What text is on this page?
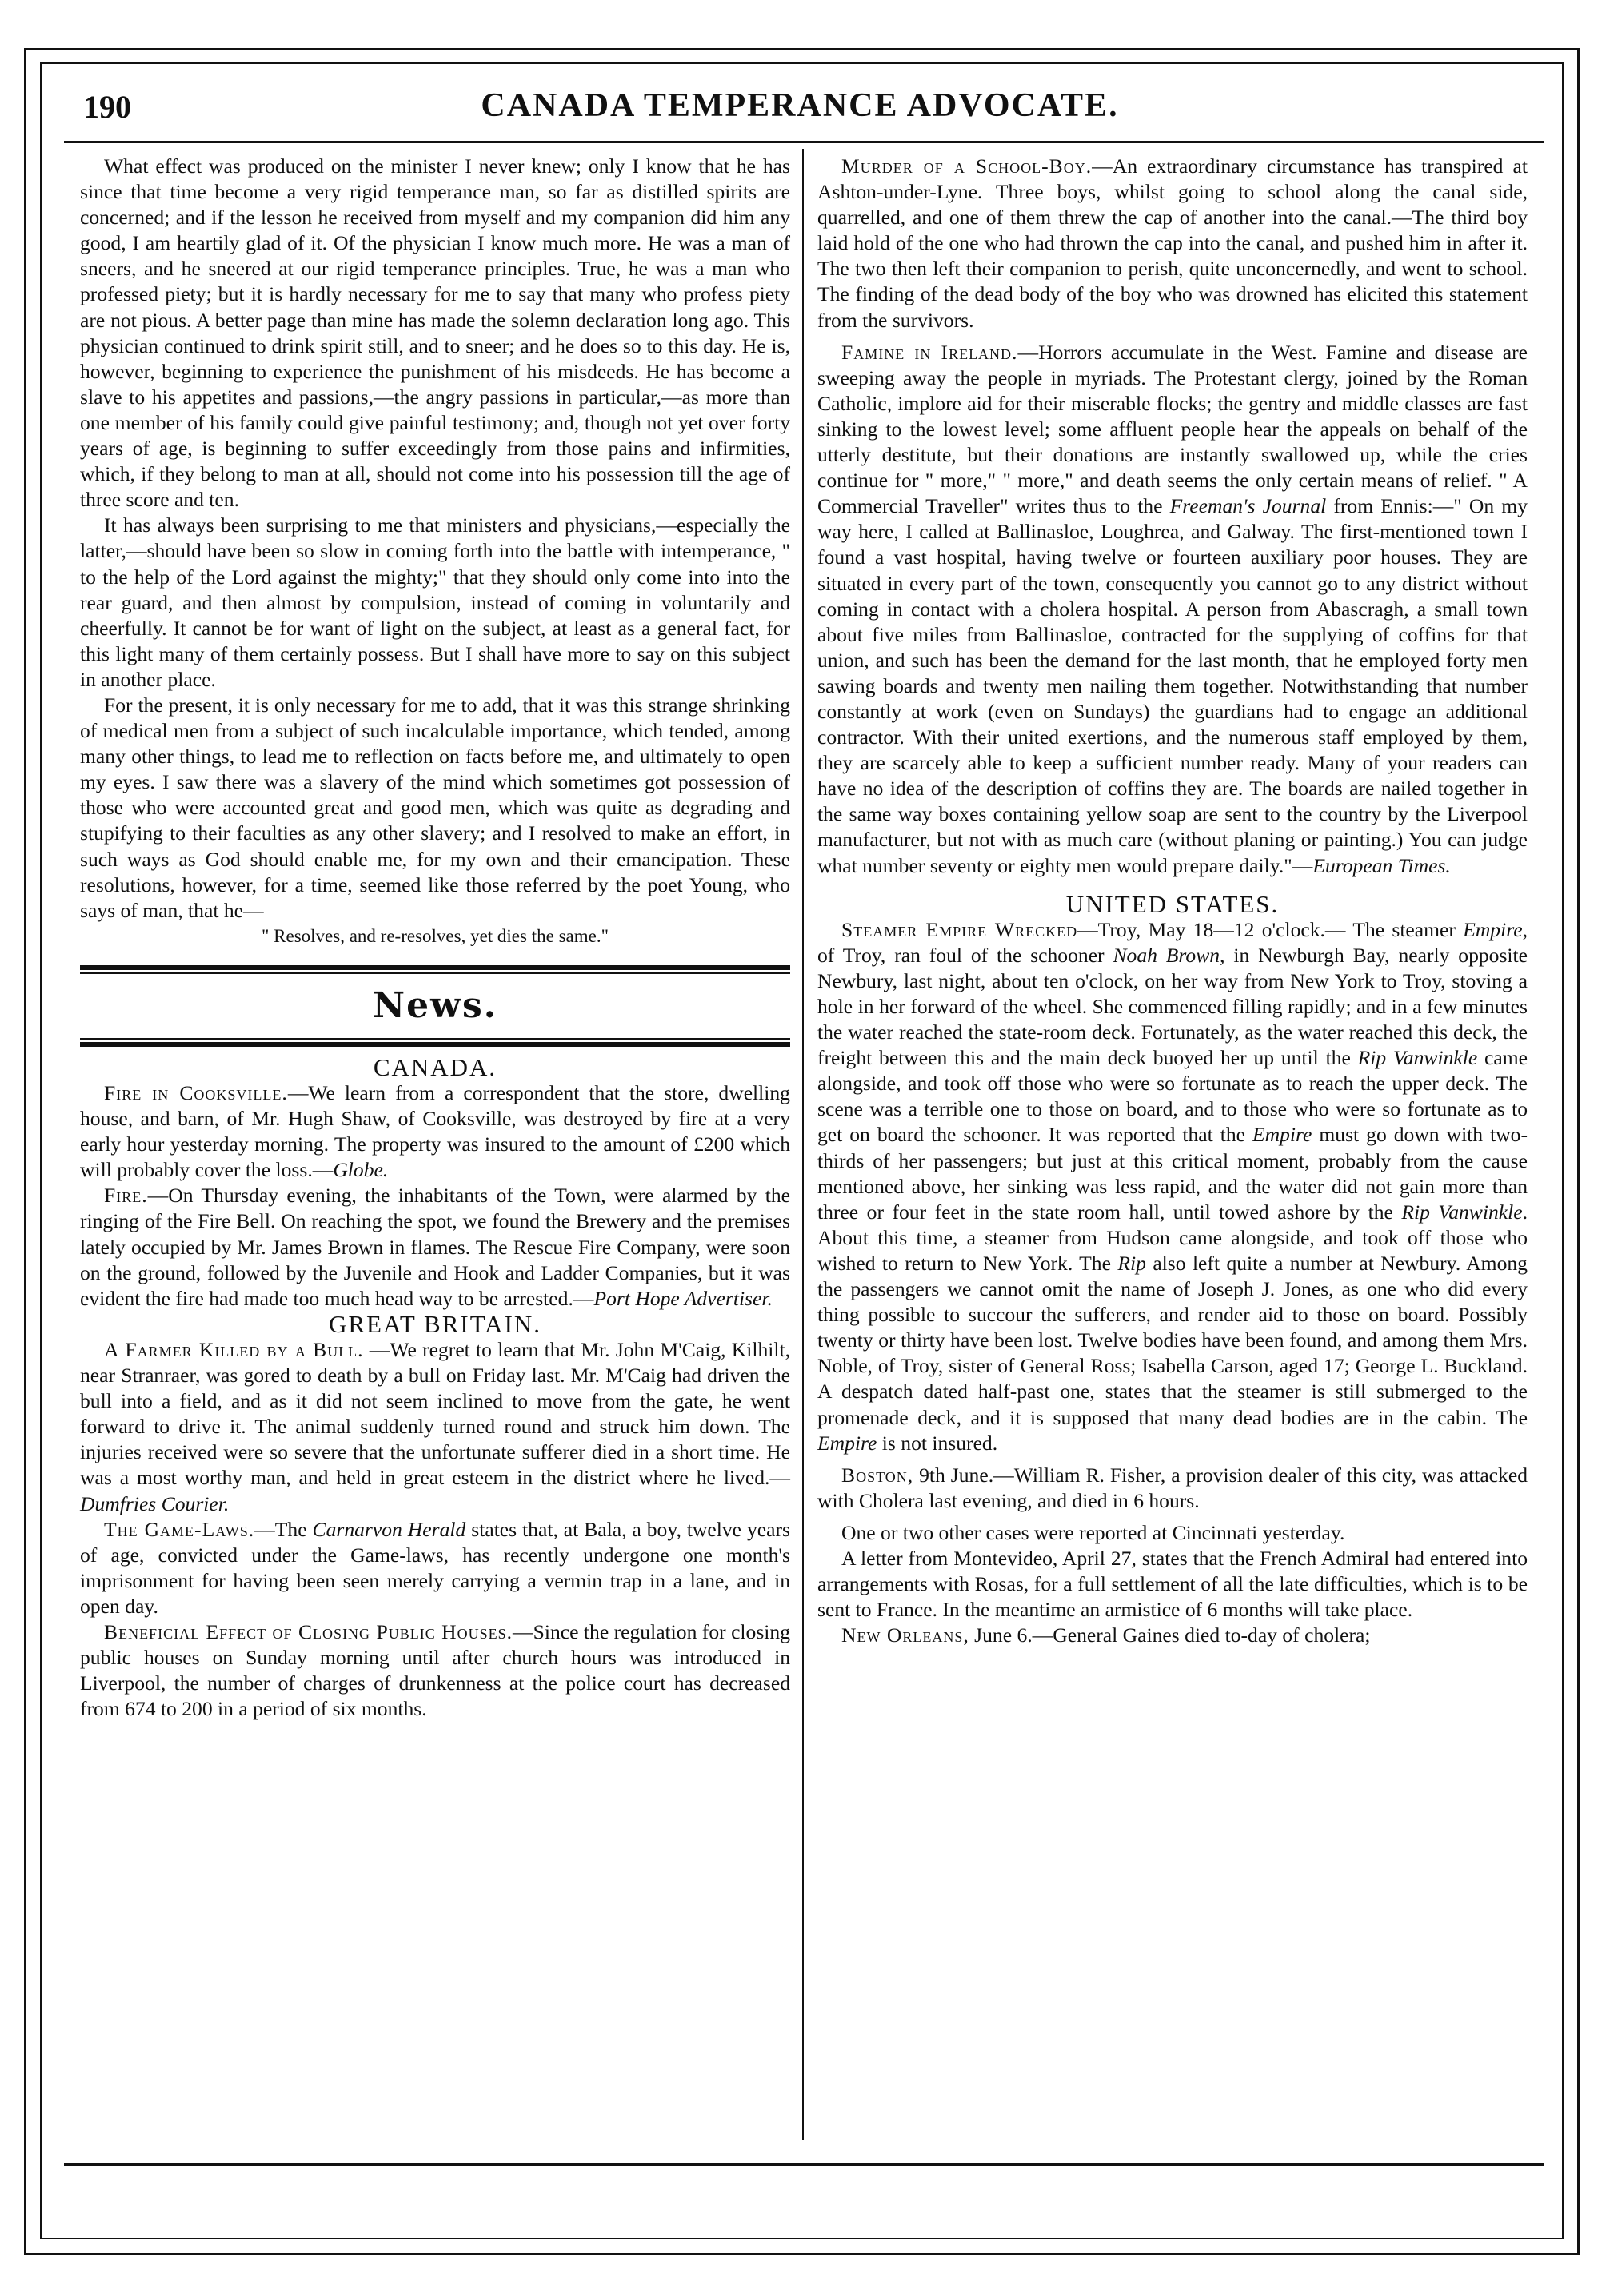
190	CANADA TEMPERANCE ADVOCATE.

What effect was produced on the minister I never knew; only I know that he has since that time become a very rigid temperance man, so far as distilled spirits are concerned; and if the lesson he received from myself and my companion did him any good, I am heartily glad of it. Of the physician I know much more. He was a man of sneers, and he sneered at our rigid temperance principles. True, he was a man who professed piety; but it is hardly necessary for me to say that many who profess piety are not pious. A better page than mine has made the solemn declaration long ago. This physician continued to drink spirit still, and to sneer; and he does so to this day. He is, however, beginning to experience the punishment of his misdeeds. He has become a slave to his appetites and passions,—the angry passions in particular,—as more than one member of his family could give painful testimony; and, though not yet over forty years of age, is beginning to suffer exceedingly from those pains and infirmities, which, if they belong to man at all, should not come into his possession till the age of three score and ten.

It has always been surprising to me that ministers and physicians,—especially the latter,—should have been so slow in coming forth into the battle with intemperance, " to the help of the Lord against the mighty;" that they should only come into into the rear guard, and then almost by compulsion, instead of coming in voluntarily and cheerfully. It cannot be for want of light on the subject, at least as a general fact, for this light many of them certainly possess. But I shall have more to say on this subject in another place.

For the present, it is only necessary for me to add, that it was this strange shrinking of medical men from a subject of such incalculable importance, which tended, among many other things, to lead me to reflection on facts before me, and ultimately to open my eyes. I saw there was a slavery of the mind which sometimes got possession of those who were accounted great and good men, which was quite as degrading and stupifying to their faculties as any other slavery; and I resolved to make an effort, in such ways as God should enable me, for my own and their emancipation. These resolutions, however, for a time, seemed like those referred by the poet Young, who says of man, that he—

" Resolves, and re-resolves, yet dies the same."

News.

CANADA.

Fire in Cooksville.—We learn from a correspondent that the store, dwelling house, and barn, of Mr. Hugh Shaw, of Cooksville, was destroyed by fire at a very early hour yesterday morning. The property was insured to the amount of £200 which will probably cover the loss.—Globe.

Fire.—On Thursday evening, the inhabitants of the Town, were alarmed by the ringing of the Fire Bell. On reaching the spot, we found the Brewery and the premises lately occupied by Mr. James Brown in flames. The Rescue Fire Company, were soon on the ground, followed by the Juvenile and Hook and Ladder Companies, but it was evident the fire had made too much head way to be arrested.—Port Hope Advertiser.

GREAT BRITAIN.

A Farmer Killed by a Bull. —We regret to learn that Mr. John M'Caig, Kilhilt, near Stranraer, was gored to death by a bull on Friday last. Mr. M'Caig had driven the bull into a field, and as it did not seem inclined to move from the gate, he went forward to drive it. The animal suddenly turned round and struck him down. The injuries received were so severe that the unfortunate sufferer died in a short time. He was a most worthy man, and held in great esteem in the district where he lived.—Dumfries Courier.

The Game-Laws.—The Carnarvon Herald states that, at Bala, a boy, twelve years of age, convicted under the Game-laws, has recently undergone one month's imprisonment for having been seen merely carrying a vermin trap in a lane, and in open day.

Beneficial Effect of Closing Public Houses.—Since the regulation for closing public houses on Sunday morning until after church hours was introduced in Liverpool, the number of charges of drunkenness at the police court has decreased from 674 to 200 in a period of six months.

Murder of a School-Boy.—An extraordinary circumstance has transpired at Ashton-under-Lyne. Three boys, whilst going to school along the canal side, quarrelled, and one of them threw the cap of another into the canal.—The third boy laid hold of the one who had thrown the cap into the canal, and pushed him in after it. The two then left their companion to perish, quite unconcernedly, and went to school. The finding of the dead body of the boy who was drowned has elicited this statement from the survivors.

Famine in Ireland.—Horrors accumulate in the West. Famine and disease are sweeping away the people in myriads. The Protestant clergy, joined by the Roman Catholic, implore aid for their miserable flocks; the gentry and middle classes are fast sinking to the lowest level; some affluent people hear the appeals on behalf of the utterly destitute, but their donations are instantly swallowed up, while the cries continue for " more," " more," and death seems the only certain means of relief. " A Commercial Traveller" writes thus to the Freeman's Journal from Ennis:—" On my way here, I called at Ballinasloe, Loughrea, and Galway. The first-mentioned town I found a vast hospital, having twelve or fourteen auxiliary poor houses. They are situated in every part of the town, consequently you cannot go to any district without coming in contact with a cholera hospital. A person from Abascragh, a small town about five miles from Ballinasloe, contracted for the supplying of coffins for that union, and such has been the demand for the last month, that he employed forty men sawing boards and twenty men nailing them together. Notwithstanding that number constantly at work (even on Sundays) the guardians had to engage an additional contractor. With their united exertions, and the numerous staff employed by them, they are scarcely able to keep a sufficient number ready. Many of your readers can have no idea of the description of coffins they are. The boards are nailed together in the same way boxes containing yellow soap are sent to the country by the Liverpool manufacturer, but not with as much care (without planing or painting.) You can judge what number seventy or eighty men would prepare daily."—European Times.

UNITED STATES.

Steamer Empire Wrecked—Troy, May 18—12 o'clock.— The steamer Empire, of Troy, ran foul of the schooner Noah Brown, in Newburgh Bay, nearly opposite Newbury, last night, about ten o'clock, on her way from New York to Troy, stoving a hole in her forward of the wheel. She commenced filling rapidly; and in a few minutes the water reached the state-room deck. Fortunately, as the water reached this deck, the freight between this and the main deck buoyed her up until the Rip Vanwinkle came alongside, and took off those who were so fortunate as to reach the upper deck. The scene was a terrible one to those on board, and to those who were so fortunate as to get on board the schooner. It was reported that the Empire must go down with two-thirds of her passengers; but just at this critical moment, probably from the cause mentioned above, her sinking was less rapid, and the water did not gain more than three or four feet in the state room hall, until towed ashore by the Rip Vanwinkle. About this time, a steamer from Hudson came alongside, and took off those who wished to return to New York. The Rip also left quite a number at Newbury. Among the passengers we cannot omit the name of Joseph J. Jones, as one who did every thing possible to succour the sufferers, and render aid to those on board. Possibly twenty or thirty have been lost. Twelve bodies have been found, and among them Mrs. Noble, of Troy, sister of General Ross; Isabella Carson, aged 17; George L. Buckland. A despatch dated half-past one, states that the steamer is still submerged to the promenade deck, and it is supposed that many dead bodies are in the cabin. The Empire is not insured.

Boston, 9th June.—William R. Fisher, a provision dealer of this city, was attacked with Cholera last evening, and died in 6 hours.

One or two other cases were reported at Cincinnati yesterday.

A letter from Montevideo, April 27, states that the French Admiral had entered into arrangements with Rosas, for a full settlement of all the late difficulties, which is to be sent to France. In the meantime an armistice of 6 months will take place.

New Orleans, June 6.—General Gaines died to-day of cholera;
